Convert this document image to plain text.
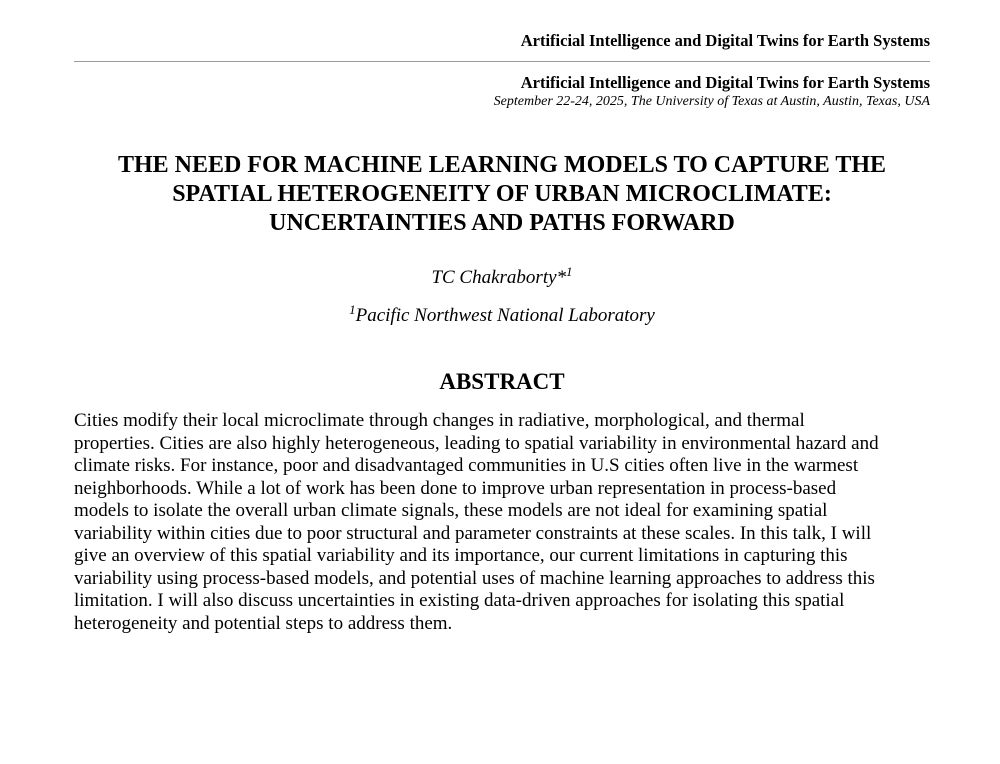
Artificial Intelligence and Digital Twins for Earth Systems
Artificial Intelligence and Digital Twins for Earth Systems
September 22-24, 2025, The University of Texas at Austin, Austin, Texas, USA
THE NEED FOR MACHINE LEARNING MODELS TO CAPTURE THE
SPATIAL HETEROGENEITY OF URBAN MICROCLIMATE:
UNCERTAINTIES AND PATHS FORWARD
TC Chakraborty*$^1$
$^1$Pacific Northwest National Laboratory
ABSTRACT
Cities modify their local microclimate through changes in radiative, morphological, and thermal
properties. Cities are also highly heterogeneous, leading to spatial variability in environmental hazard and
climate risks. For instance, poor and disadvantaged communities in U.S cities often live in the warmest
neighborhoods. While a lot of work has been done to improve urban representation in process-based
models to isolate the overall urban climate signals, these models are not ideal for examining spatial
variability within cities due to poor structural and parameter constraints at these scales. In this talk, I will
give an overview of this spatial variability and its importance, our current limitations in capturing this
variability using process-based models, and potential uses of machine learning approaches to address this
limitation. I will also discuss uncertainties in existing data-driven approaches for isolating this spatial
heterogeneity and potential steps to address them.
